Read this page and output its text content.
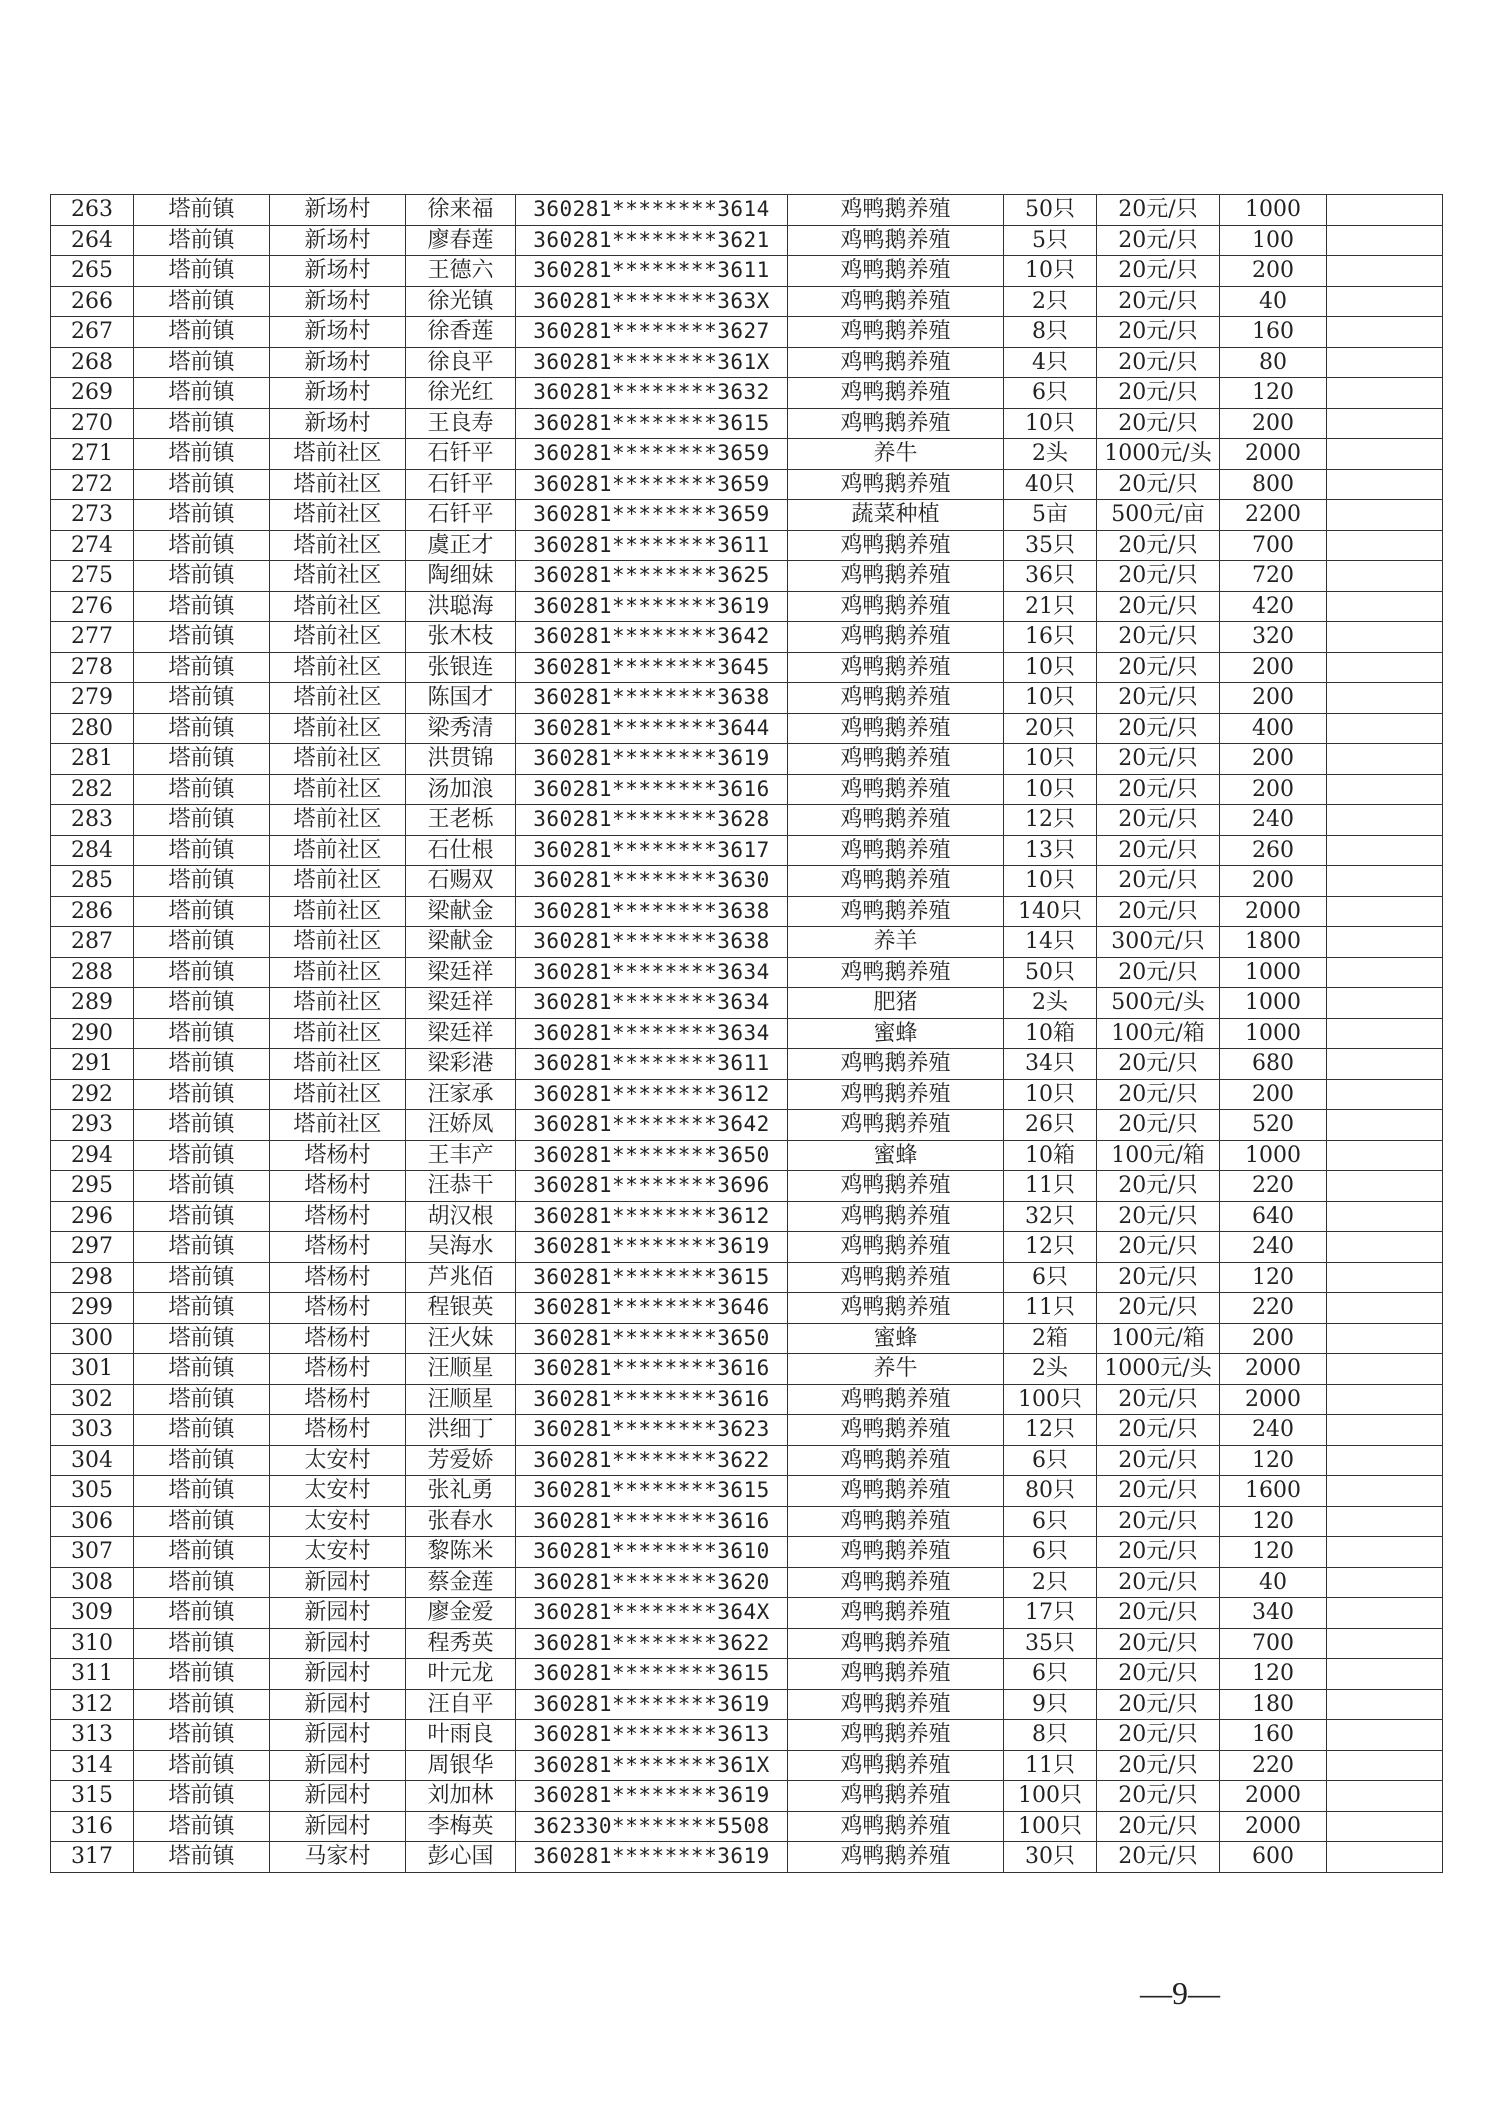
263	塔前镇	新场村	徐来福	360281********3614	鸡鸭鹅养殖	50只	20元/只	1000	
264	塔前镇	新场村	廖春莲	360281********3621	鸡鸭鹅养殖	5只	20元/只	100	
265	塔前镇	新场村	王德六	360281********3611	鸡鸭鹅养殖	10只	20元/只	200	
266	塔前镇	新场村	徐光镇	360281********363X	鸡鸭鹅养殖	2只	20元/只	40	
267	塔前镇	新场村	徐香莲	360281********3627	鸡鸭鹅养殖	8只	20元/只	160	
268	塔前镇	新场村	徐良平	360281********361X	鸡鸭鹅养殖	4只	20元/只	80	
269	塔前镇	新场村	徐光红	360281********3632	鸡鸭鹅养殖	6只	20元/只	120	
270	塔前镇	新场村	王良寿	360281********3615	鸡鸭鹅养殖	10只	20元/只	200	
271	塔前镇	塔前社区	石钎平	360281********3659	养牛	2头	1000元/头	2000	
272	塔前镇	塔前社区	石钎平	360281********3659	鸡鸭鹅养殖	40只	20元/只	800	
273	塔前镇	塔前社区	石钎平	360281********3659	蔬菜种植	5亩	500元/亩	2200	
274	塔前镇	塔前社区	虞正才	360281********3611	鸡鸭鹅养殖	35只	20元/只	700	
275	塔前镇	塔前社区	陶细妹	360281********3625	鸡鸭鹅养殖	36只	20元/只	720	
276	塔前镇	塔前社区	洪聪海	360281********3619	鸡鸭鹅养殖	21只	20元/只	420	
277	塔前镇	塔前社区	张木枝	360281********3642	鸡鸭鹅养殖	16只	20元/只	320	
278	塔前镇	塔前社区	张银连	360281********3645	鸡鸭鹅养殖	10只	20元/只	200	
279	塔前镇	塔前社区	陈国才	360281********3638	鸡鸭鹅养殖	10只	20元/只	200	
280	塔前镇	塔前社区	梁秀清	360281********3644	鸡鸭鹅养殖	20只	20元/只	400	
281	塔前镇	塔前社区	洪贯锦	360281********3619	鸡鸭鹅养殖	10只	20元/只	200	
282	塔前镇	塔前社区	汤加浪	360281********3616	鸡鸭鹅养殖	10只	20元/只	200	
283	塔前镇	塔前社区	王老栎	360281********3628	鸡鸭鹅养殖	12只	20元/只	240	
284	塔前镇	塔前社区	石仕根	360281********3617	鸡鸭鹅养殖	13只	20元/只	260	
285	塔前镇	塔前社区	石赐双	360281********3630	鸡鸭鹅养殖	10只	20元/只	200	
286	塔前镇	塔前社区	梁献金	360281********3638	鸡鸭鹅养殖	140只	20元/只	2000	
287	塔前镇	塔前社区	梁献金	360281********3638	养羊	14只	300元/只	1800	
288	塔前镇	塔前社区	梁廷祥	360281********3634	鸡鸭鹅养殖	50只	20元/只	1000	
289	塔前镇	塔前社区	梁廷祥	360281********3634	肥猪	2头	500元/头	1000	
290	塔前镇	塔前社区	梁廷祥	360281********3634	蜜蜂	10箱	100元/箱	1000	
291	塔前镇	塔前社区	梁彩港	360281********3611	鸡鸭鹅养殖	34只	20元/只	680	
292	塔前镇	塔前社区	汪家承	360281********3612	鸡鸭鹅养殖	10只	20元/只	200	
293	塔前镇	塔前社区	汪娇凤	360281********3642	鸡鸭鹅养殖	26只	20元/只	520	
294	塔前镇	塔杨村	王丰产	360281********3650	蜜蜂	10箱	100元/箱	1000	
295	塔前镇	塔杨村	汪恭干	360281********3696	鸡鸭鹅养殖	11只	20元/只	220	
296	塔前镇	塔杨村	胡汉根	360281********3612	鸡鸭鹅养殖	32只	20元/只	640	
297	塔前镇	塔杨村	吴海水	360281********3619	鸡鸭鹅养殖	12只	20元/只	240	
298	塔前镇	塔杨村	芦兆佰	360281********3615	鸡鸭鹅养殖	6只	20元/只	120	
299	塔前镇	塔杨村	程银英	360281********3646	鸡鸭鹅养殖	11只	20元/只	220	
300	塔前镇	塔杨村	汪火妹	360281********3650	蜜蜂	2箱	100元/箱	200	
301	塔前镇	塔杨村	汪顺星	360281********3616	养牛	2头	1000元/头	2000	
302	塔前镇	塔杨村	汪顺星	360281********3616	鸡鸭鹅养殖	100只	20元/只	2000	
303	塔前镇	塔杨村	洪细丁	360281********3623	鸡鸭鹅养殖	12只	20元/只	240	
304	塔前镇	太安村	芳爱娇	360281********3622	鸡鸭鹅养殖	6只	20元/只	120	
305	塔前镇	太安村	张礼勇	360281********3615	鸡鸭鹅养殖	80只	20元/只	1600	
306	塔前镇	太安村	张春水	360281********3616	鸡鸭鹅养殖	6只	20元/只	120	
307	塔前镇	太安村	黎陈米	360281********3610	鸡鸭鹅养殖	6只	20元/只	120	
308	塔前镇	新园村	蔡金莲	360281********3620	鸡鸭鹅养殖	2只	20元/只	40	
309	塔前镇	新园村	廖金爱	360281********364X	鸡鸭鹅养殖	17只	20元/只	340	
310	塔前镇	新园村	程秀英	360281********3622	鸡鸭鹅养殖	35只	20元/只	700	
311	塔前镇	新园村	叶元龙	360281********3615	鸡鸭鹅养殖	6只	20元/只	120	
312	塔前镇	新园村	汪自平	360281********3619	鸡鸭鹅养殖	9只	20元/只	180	
313	塔前镇	新园村	叶雨良	360281********3613	鸡鸭鹅养殖	8只	20元/只	160	
314	塔前镇	新园村	周银华	360281********361X	鸡鸭鹅养殖	11只	20元/只	220	
315	塔前镇	新园村	刘加林	360281********3619	鸡鸭鹅养殖	100只	20元/只	2000	
316	塔前镇	新园村	李梅英	362330********5508	鸡鸭鹅养殖	100只	20元/只	2000	
317	塔前镇	马家村	彭心国	360281********3619	鸡鸭鹅养殖	30只	20元/只	600	
—9—
